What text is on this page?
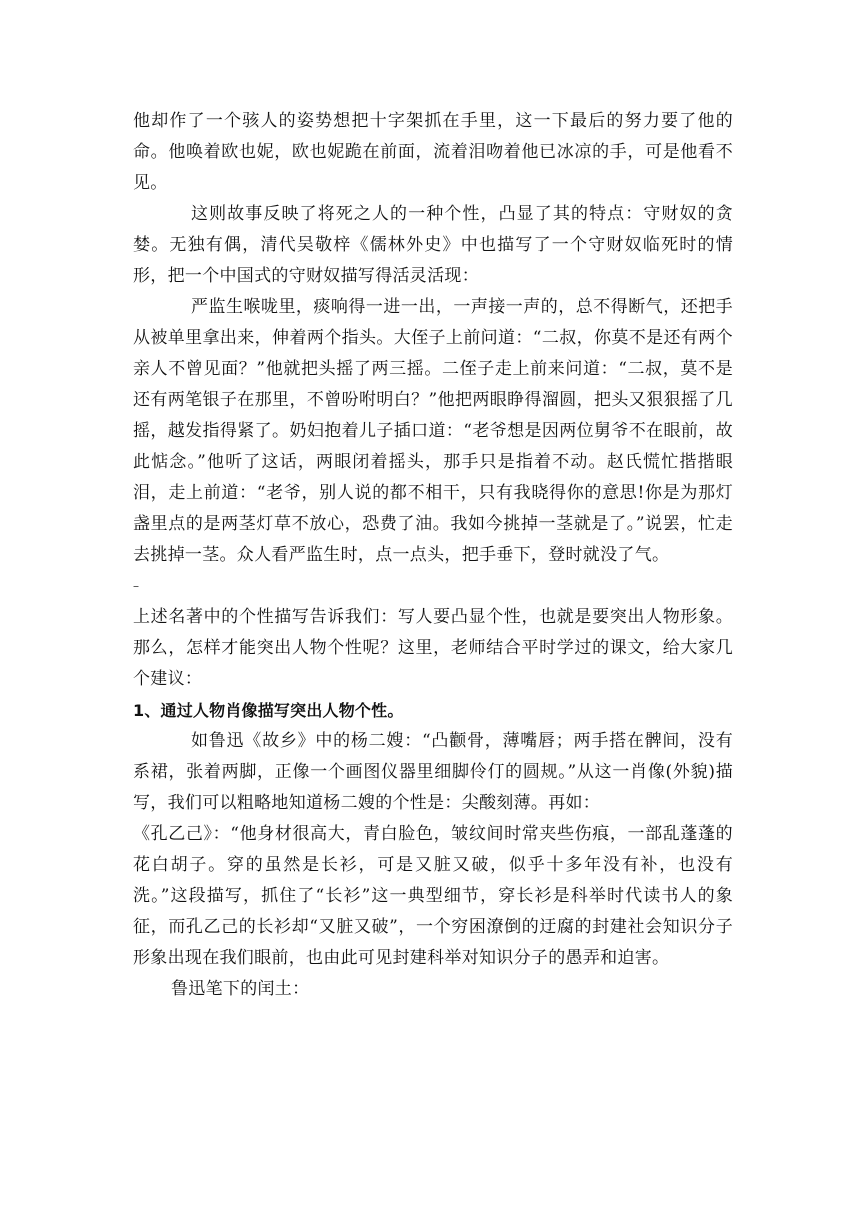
他却作了一个骇人的姿势想把十字架抓在手里，这一下最后的努力要了他的命。他唤着欧也妮，欧也妮跪在前面，流着泪吻着他已冰凉的手，可是他看不见。

这则故事反映了将死之人的一种个性，凸显了其的特点：守财奴的贪婪。无独有偶，清代吴敬梓《儒林外史》中也描写了一个守财奴临死时的情形，把一个中国式的守财奴描写得活灵活现：

严监生喉咙里，痰响得一进一出，一声接一声的，总不得断气，还把手从被单里拿出来，伸着两个指头。大侄子上前问道：“二叔，你莫不是还有两个亲人不曾见面？”他就把头摇了两三摇。二侄子走上前来问道：“二叔，莫不是还有两笔银子在那里，不曾吩咐明白？”他把两眼睁得溜圆，把头又狠狠摇了几摇，越发指得紧了。奶妇抱着儿子插口道：“老爷想是因两位舅爷不在眼前，故此惦念。”他听了这话，两眼闭着摇头，那手只是指着不动。赵氏慌忙揩揩眼泪，走上前道：“老爷，别人说的都不相干，只有我晓得你的意思!你是为那灯盏里点的是两茎灯草不放心，恐费了油。我如今挑掉一茎就是了。”说罢，忙走去挑掉一茎。众人看严监生时，点一点头，把手垂下，登时就没了气。

–

上述名著中的个性描写告诉我们：写人要凸显个性，也就是要突出人物形象。那么，怎样才能突出人物个性呢？这里，老师结合平时学过的课文，给大家几个建议：

1、通过人物肖像描写突出人物个性。

如鲁迅《故乡》中的杨二嫂：“凸颧骨，薄嘴唇；两手搭在髀间，没有系裙，张着两脚，正像一个画图仪器里细脚伶仃的圆规。”从这一肖像(外貌)描写，我们可以粗略地知道杨二嫂的个性是：尖酸刻薄。再如：

《孔乙己》：“他身材很高大，青白脸色，皱纹间时常夹些伤痕，一部乱蓬蓬的花白胡子。穿的虽然是长衫，可是又脏又破，似乎十多年没有补，也没有洗。”这段描写，抓住了“长衫”这一典型细节，穿长衫是科举时代读书人的象征，而孔乙己的长衫却“又脏又破”，一个穷困潦倒的迂腐的封建社会知识分子形象出现在我们眼前，也由此可见封建科举对知识分子的愚弄和迫害。

鲁迅笔下的闰土：
